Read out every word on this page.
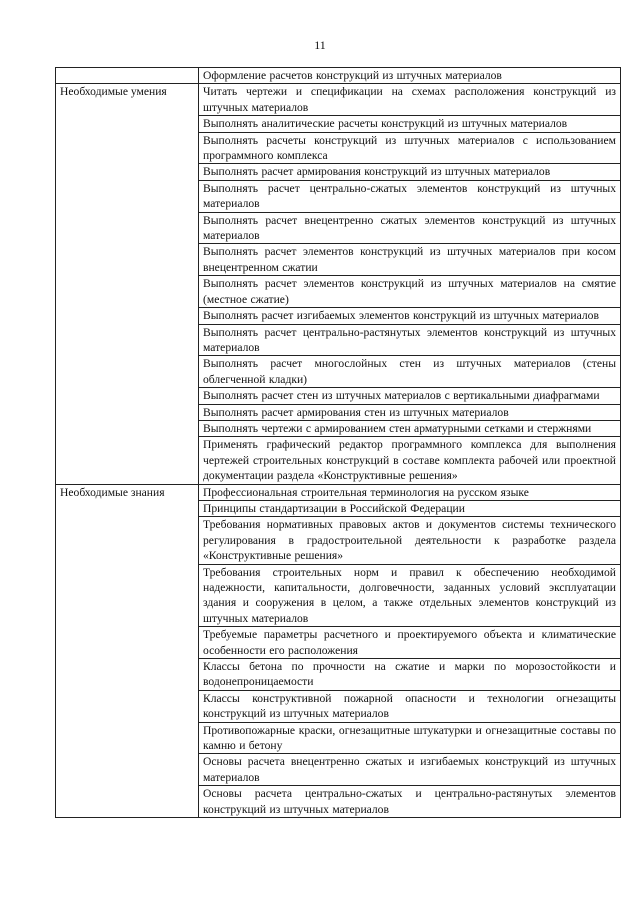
11
	Оформление расчетов конструкций из штучных материалов
Необходимые умения	Читать чертежи и спецификации на схемах расположения конструкций из штучных материалов
	Выполнять аналитические расчеты конструкций из штучных материалов
	Выполнять расчеты конструкций из штучных материалов с использованием программного комплекса
	Выполнять расчет армирования конструкций из штучных материалов
	Выполнять расчет центрально-сжатых элементов конструкций из штучных материалов
	Выполнять расчет внецентренно сжатых элементов конструкций из штучных материалов
	Выполнять расчет элементов конструкций из штучных материалов при косом внецентренном сжатии
	Выполнять расчет элементов конструкций из штучных материалов на смятие (местное сжатие)
	Выполнять расчет изгибаемых элементов конструкций из штучных материалов
	Выполнять расчет центрально-растянутых элементов конструкций из штучных материалов
	Выполнять расчет многослойных стен из штучных материалов (стены облегченной кладки)
	Выполнять расчет стен из штучных материалов с вертикальными диафрагмами
	Выполнять расчет армирования стен из штучных материалов
	Выполнять чертежи с армированием стен арматурными сетками и стержнями
	Применять графический редактор программного комплекса для выполнения чертежей строительных конструкций в составе комплекта рабочей или проектной документации раздела «Конструктивные решения»
Необходимые знания	Профессиональная строительная терминология на русском языке
	Принципы стандартизации в Российской Федерации
	Требования нормативных правовых актов и документов системы технического регулирования в градостроительной деятельности к разработке раздела «Конструктивные решения»
	Требования строительных норм и правил к обеспечению необходимой надежности, капитальности, долговечности, заданных условий эксплуатации здания и сооружения в целом, а также отдельных элементов конструкций из штучных материалов
	Требуемые параметры расчетного и проектируемого объекта и климатические особенности его расположения
	Классы бетона по прочности на сжатие и марки по морозостойкости и водонепроницаемости
	Классы конструктивной пожарной опасности и технологии огнезащиты конструкций из штучных материалов
	Противопожарные краски, огнезащитные штукатурки и огнезащитные составы по камню и бетону
	Основы расчета внецентренно сжатых и изгибаемых конструкций из штучных материалов
	Основы расчета центрально-сжатых и центрально-растянутых элементов конструкций из штучных материалов
